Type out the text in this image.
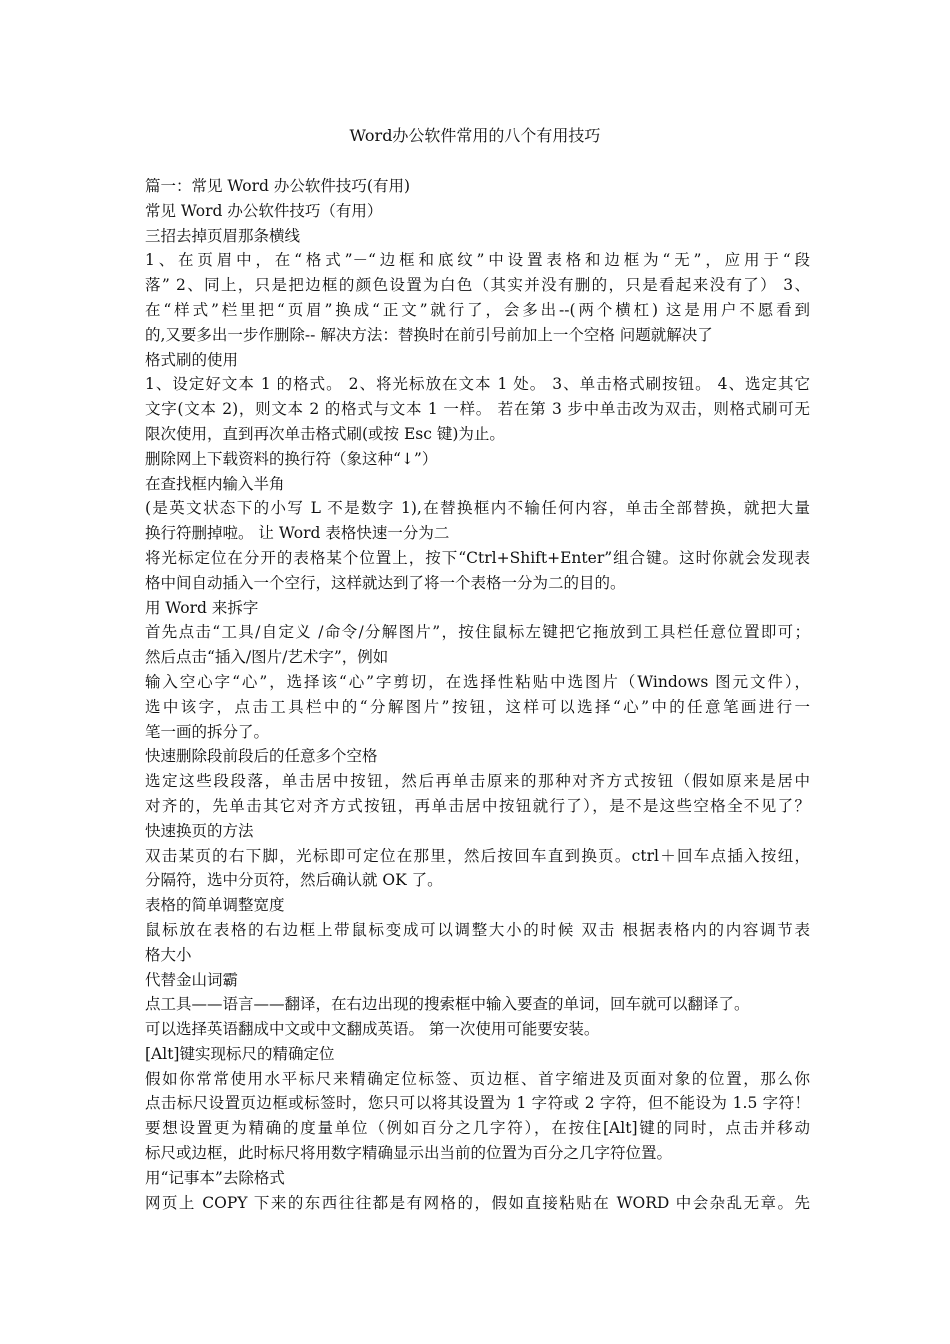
Word办公软件常用的八个有用技巧
篇一：常见 Word 办公软件技巧(有用)
常见 Word 办公软件技巧（有用）
三招去掉页眉那条横线
1、在页眉中，在“格式”－“边框和底纹”中设置表格和边框为“无”，应用于“段
落” 2、同上，只是把边框的颜色设置为白色（其实并没有删的，只是看起来没有了） 3、
在“样式”栏里把“页眉”换成“正文”就行了，会多出--(两个横杠) 这是用户不愿看到
的,又要多出一步作删除-- 解决方法：替换时在前引号前加上一个空格 问题就解决了
格式刷的使用
1、设定好文本 1 的格式。 2、将光标放在文本 1 处。 3、单击格式刷按钮。 4、选定其它
文字(文本 2)，则文本 2 的格式与文本 1 一样。 若在第 3 步中单击改为双击，则格式刷可无
限次使用，直到再次单击格式刷(或按 Esc 键)为止。
删除网上下载资料的换行符（象这种“↓”）
在查找框内输入半角
(是英文状态下的小写 L 不是数字 1),在替换框内不输任何内容，单击全部替换，就把大量
换行符删掉啦。 让 Word 表格快速一分为二
将光标定位在分开的表格某个位置上，按下“Ctrl+Shift+Enter”组合键。这时你就会发现表
格中间自动插入一个空行，这样就达到了将一个表格一分为二的目的。
用 Word 来拆字
首先点击“工具/自定义 /命令/分解图片”，按住鼠标左键把它拖放到工具栏任意位置即可；
然后点击“插入/图片/艺术字”，例如
输入空心字“心”，选择该“心”字剪切，在选择性粘贴中选图片（Windows 图元文件），
选中该字，点击工具栏中的“分解图片”按钮，这样可以选择“心”中的任意笔画进行一
笔一画的拆分了。
快速删除段前段后的任意多个空格
选定这些段段落，单击居中按钮，然后再单击原来的那种对齐方式按钮（假如原来是居中
对齐的，先单击其它对齐方式按钮，再单击居中按钮就行了），是不是这些空格全不见了？
快速换页的方法
双击某页的右下脚，光标即可定位在那里，然后按回车直到换页。ctrl＋回车点插入按纽，
分隔符，选中分页符，然后确认就 OK 了。
表格的简单调整宽度
鼠标放在表格的右边框上带鼠标变成可以调整大小的时候 双击 根据表格内的内容调节表
格大小
代替金山词霸
点工具——语言——翻译，在右边出现的搜索框中输入要查的单词，回车就可以翻译了。
可以选择英语翻成中文或中文翻成英语。 第一次使用可能要安装。
[Alt]键实现标尺的精确定位
假如你常常使用水平标尺来精确定位标签、页边框、首字缩进及页面对象的位置，那么你
点击标尺设置页边框或标签时，您只可以将其设置为 1 字符或 2 字符，但不能设为 1.5 字符！
要想设置更为精确的度量单位（例如百分之几字符），在按住[Alt]键的同时，点击并移动
标尺或边框，此时标尺将用数字精确显示出当前的位置为百分之几字符位置。
用“记事本”去除格式
网页上 COPY 下来的东西往往都是有网格的，假如直接粘贴在 WORD 中会杂乱无章。先
